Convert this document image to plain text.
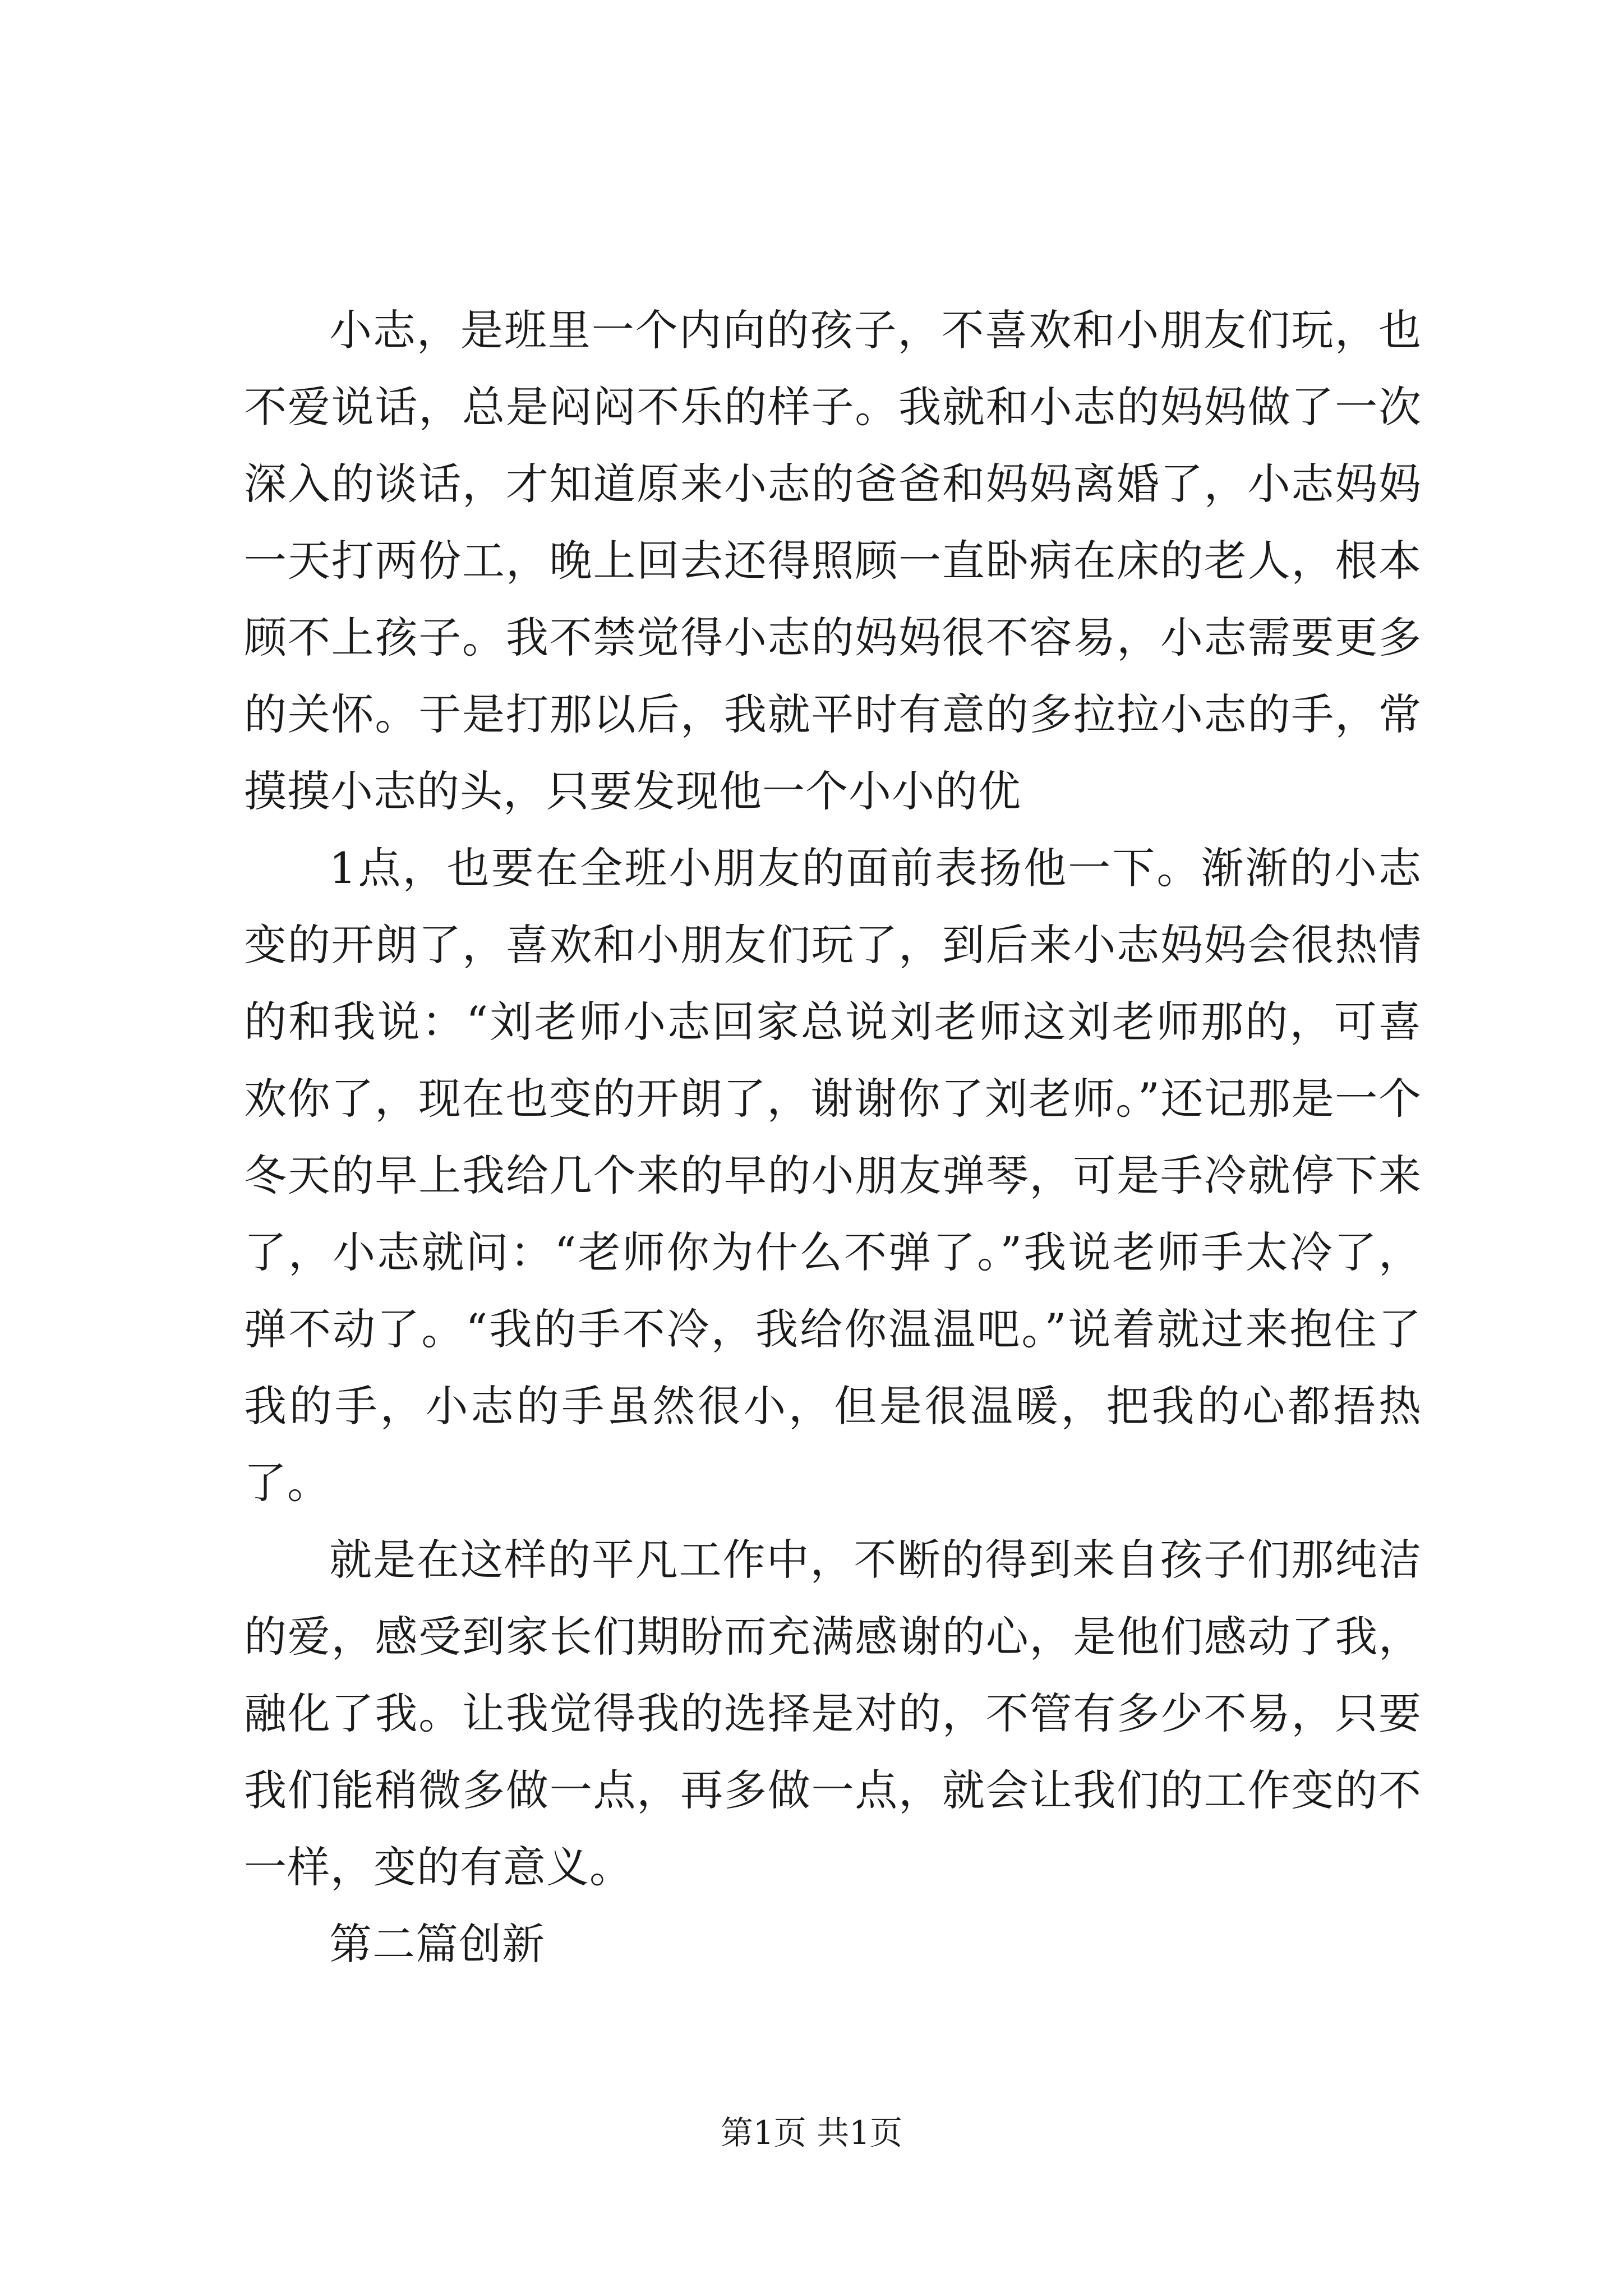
小志，是班里一个内向的孩子，不喜欢和小朋友们玩，也不爱说话，总是闷闷不乐的样子。我就和小志的妈妈做了一次深入的谈话，才知道原来小志的爸爸和妈妈离婚了，小志妈妈一天打两份工，晚上回去还得照顾一直卧病在床的老人，根本顾不上孩子。我不禁觉得小志的妈妈很不容易，小志需要更多的关怀。于是打那以后，我就平时有意的多拉拉小志的手，常摸摸小志的头，只要发现他一个小小的优

1点，也要在全班小朋友的面前表扬他一下。渐渐的小志变的开朗了，喜欢和小朋友们玩了，到后来小志妈妈会很热情的和我说：“刘老师小志回家总说刘老师这刘老师那的，可喜欢你了，现在也变的开朗了，谢谢你了刘老师。”还记那是一个冬天的早上我给几个来的早的小朋友弹琴，可是手冷就停下来了，小志就问：“老师你为什么不弹了。”我说老师手太冷了，弹不动了。“我的手不冷，我给你温温吧。”说着就过来抱住了我的手，小志的手虽然很小，但是很温暖，把我的心都捂热了。

就是在这样的平凡工作中，不断的得到来自孩子们那纯洁的爱，感受到家长们期盼而充满感谢的心，是他们感动了我，融化了我。让我觉得我的选择是对的，不管有多少不易，只要我们能稍微多做一点，再多做一点，就会让我们的工作变的不一样，变的有意义。

第二篇创新

第1页 共1页
